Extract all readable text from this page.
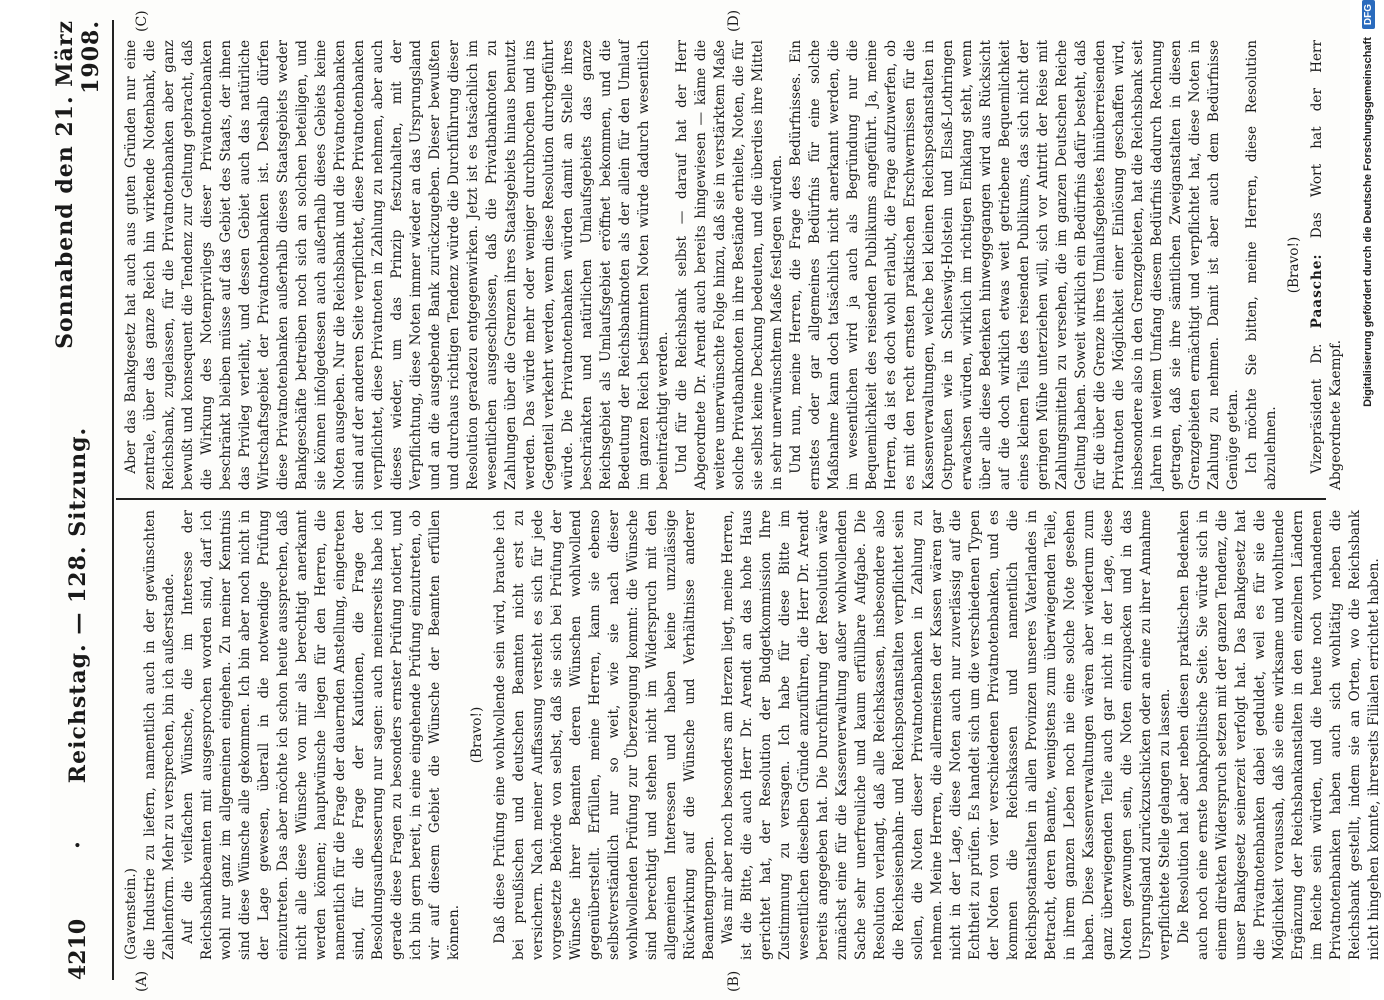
4210
·
Reichstag. — 128. Sitzung.
Sonnabend den 21. März 1908.
(A)	(B)
(C)	(D)

(Gavenstein.) die Industrie zu liefern, namentlich auch in der gewünschten Zahlenform. Mehr zu versprechen, bin ich außerstande. Auf die vielfachen Wünsche, die im Interesse der Reichsbankbeamten mit ausgesprochen worden sind, darf ich wohl nur ganz im allgemeinen eingehen. Zu meiner Kenntnis sind diese Wünsche alle gekommen. Ich bin aber noch nicht in der Lage gewesen, überall in die notwendige Prüfung einzutreten. Das aber möchte ich schon heute aussprechen, daß nicht alle diese Wünsche von mir als berechtigt anerkannt werden können; hauptwünsche liegen für den Herren, die namentlich für die Frage der dauernden Anstellung, eingetreten sind, für die Frage der Kautionen, die Frage der Besoldungsaufbesserung nur sagen: auch meinerseits habe ich gerade diese Fragen zu besonders ernster Prüfung notiert, und ich bin gern bereit, in eine eingehende Prüfung einzutreten, ob wir auf diesem Gebiet die Wünsche der Beamten erfüllen können.

(Bravo!) Daß diese Prüfung eine wohlwollende sein wird, brauche ich bei preußischen und deutschen Beamten nicht erst zu versichern. Nach meiner Auffassung versteht es sich für jede vorgesetzte Behörde von selbst, daß sie sich bei Prüfung der Wünsche ihrer Beamten deren Wünschen wohlwollend gegenüberstellt. Erfüllen, meine Herren, kann sie ebenso selbstverständlich nur so weit, wie sie nach dieser wohlwollenden Prüfung zur Überzeugung kommt: die Wünsche sind berechtigt und stehen nicht im Widerspruch mit den allgemeinen Interessen und haben keine unzulässige Rückwirkung auf die Wünsche und Verhältnisse anderer Beamtengruppen. Was mir aber noch besonders am Herzen liegt, meine Herren, ist die Bitte, die auch Herr Dr. Arendt an das hohe Haus gerichtet hat, der Resolution der Budgetkommission Ihre Zustimmung zu versagen. Ich habe für diese Bitte im wesentlichen dieselben Gründe anzuführen, die Herr Dr. Arendt bereits angegeben hat. Die Durchführung der Resolution wäre zunächst eine für die Kassenverwaltung außer wohlwollenden Sache sehr unerfreuliche und kaum erfüllbare Aufgabe. Die Resolution verlangt, daß alle Reichskassen, insbesondere also die Reichseisenbahn- und Reichspostanstalten verpflichtet sein sollen, die Noten dieser Privatnotenbanken in Zahlung zu nehmen. Meine Herren, die allermeisten der Kassen wären gar nicht in der Lage, diese Noten auch nur zuverlässig auf die Echtheit zu prüfen. Es handelt sich um die verschiedenen Typen der Noten von vier verschiedenen Privatnotenbanken, und es kommen die Reichskassen und namentlich die Reichspostanstalten in allen Provinzen unseres Vaterlandes in Betracht, deren Beamte, wenigstens zum überwiegenden Teile, in ihrem ganzen Leben noch nie eine solche Note gesehen haben. Diese Kassenverwaltungen wären aber wiederum zum ganz überwiegenden Teile auch gar nicht in der Lage, diese Noten gezwungen sein, die Noten einzupacken und in das Ursprungsland zurückzuschicken oder an eine zu ihrer Annahme verpflichtete Stelle gelangen zu lassen. Die Resolution hat aber neben diesen praktischen Bedenken auch noch eine ernste bankpolitische Seite. Sie würde sich in einem direkten Widerspruch setzen mit der ganzen Tendenz, die unser Bankgesetz seinerzeit verfolgt hat. Das Bankgesetz hat die Privatnotenbanken dabei geduldet, weil es für sie die Möglichkeit voraussah, daß sie eine wirksame und wohltuende Ergänzung der Reichsbankanstalten in den einzelnen Ländern im Reiche sein würden, und die heute noch vorhandenen Privatnotenbanken haben auch sich wohltätig neben die Reichsbank gestellt, indem sie an Orten, wo die Reichsbank nicht hingehen konnte, ihrerseits Filialen errichtet haben.

Aber das Bankgesetz hat auch aus guten Gründen nur eine zentrale, über das ganze Reich hin wirkende Notenbank, die Reichsbank, zugelassen, für die Privatnotenbanken aber ganz bewußt und konsequent die Tendenz zur Geltung gebracht, daß die Wirkung des Notenprivilegs dieser Privatnotenbanken beschränkt bleiben müsse auf das Gebiet des Staats, der ihnen das Privileg verleiht, und dessen Gebiet auch das natürliche Wirtschaftsgebiet der Privatnotenbanken ist. Deshalb dürfen diese Privatnotenbanken außerhalb dieses Staatsgebiets weder Bankgeschäfte betreiben noch sich an solchen beteiligen, und sie können infolgedessen auch außerhalb dieses Gebiets keine Noten ausgeben. Nur die Reichsbank und die Privatnotenbanken sind auf der anderen Seite verpflichtet, diese Privatnotenbanken verpflichtet, diese Privatnoten in Zahlung zu nehmen, aber auch dieses wieder, um das Prinzip festzuhalten, mit der Verpflichtung, diese Noten immer wieder an das Ursprungsland und an die ausgebende Bank zurückzugeben. Dieser bewußten und durchaus richtigen Tendenz würde die Durchführung dieser Resolution geradezu entgegenwirken. Jetzt ist es tatsächlich im wesentlichen ausgeschlossen, daß die Privatbanknoten zu Zahlungen über die Grenzen ihres Staatsgebiets hinaus benutzt werden. Das würde mehr oder weniger durchbrochen und ins Gegenteil verkehrt werden, wenn diese Resolution durchgeführt würde. Die Privatnotenbanken würden damit an Stelle ihres beschränkten und natürlichen Umlaufsgebiets das ganze Reichsgebiet als Umlaufsgebiet eröffnet bekommen, und die Bedeutung der Reichsbanknoten als der allein für den Umlauf im ganzen Reich bestimmten Noten würde dadurch wesentlich beeinträchtigt werden. Und für die Reichsbank selbst — darauf hat der Herr Abgeordnete Dr. Arendt auch bereits hingewiesen — käme die weitere unerwünschte Folge hinzu, daß sie in verstärktem Maße solche Privatbanknoten in ihre Bestände erhielte, Noten, die für sie selbst keine Deckung bedeuten, und die überdies ihre Mittel in sehr unerwünschtem Maße festlegen würden. Und nun, meine Herren, die Frage des Bedürfnisses. Ein ernstes oder gar allgemeines Bedürfnis für eine solche Maßnahme kann doch tatsächlich nicht anerkannt werden, die im wesentlichen wird ja auch als Begründung nur die Bequemlichkeit des reisenden Publikums angeführt. Ja, meine Herren, da ist es doch wohl erlaubt, die Frage aufzuwerfen, ob es mit den recht ernsten praktischen Erschwernissen für die Kassenverwaltungen, welche bei kleinen Reichspostanstalten in Ostpreußen wie in Schleswig-Holstein und Elsaß-Lothringen erwachsen würden, wirklich im richtigen Einklang steht, wenn über alle diese Bedenken hinweggegangen wird aus Rücksicht auf die doch wirklich etwas weit getriebene Bequemlichkeit eines kleinen Teils des reisenden Publikums, das sich nicht der geringen Mühe unterziehen will, sich vor Antritt der Reise mit Zahlungsmitteln zu versehen, die im ganzen Deutschen Reiche Geltung haben. Soweit wirklich ein Bedürfnis dafür besteht, daß für die über die Grenze ihres Umlaufsgebietes hinüberreisenden Privatnoten die Möglichkeit einer Einlösung geschaffen wird, insbesondere also in den Grenzgebieten, hat die Reichsbank seit Jahren in weitem Umfang diesem Bedürfnis dadurch Rechnung getragen, daß sie ihre sämtlichen Zweiganstalten in diesen Grenzgebieten ermächtigt und verpflichtet hat, diese Noten in Zahlung zu nehmen. Damit ist aber auch dem Bedürfnisse Genüge getan. Ich möchte Sie bitten, meine Herren, diese Resolution abzulehnen.

(Bravo!)

Vizepräsident Dr. Paasche: Das Wort hat der Herr Abgeordnete Kaempf.

Digitalisierung gefördert durch die Deutsche Forschungsgemeinschaft
DFG
